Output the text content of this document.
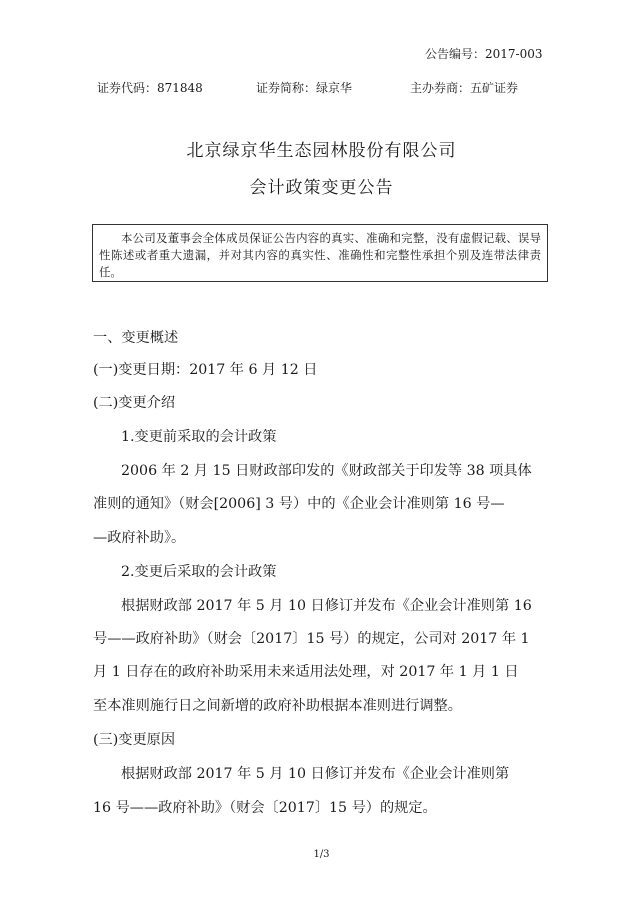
公告编号：2017-003
证券代码：871848	证券简称：绿京华	主办券商：五矿证券
北京绿京华生态园林股份有限公司
会计政策变更公告
本公司及董事会全体成员保证公告内容的真实、准确和完整，没有虚假记载、误导性陈述或者重大遗漏，并对其内容的真实性、准确性和完整性承担个别及连带法律责任。
一、变更概述
(一)变更日期：2017 年 6 月 12 日
(二)变更介绍
1.变更前采取的会计政策
2006 年 2 月 15 日财政部印发的《财政部关于印发等 38 项具体
准则的通知》（财会[2006] 3 号）中的《企业会计准则第 16 号—
—政府补助》。
2.变更后采取的会计政策
根据财政部 2017 年 5 月 10 日修订并发布《企业会计准则第 16
号——政府补助》（财会〔2017〕15 号）的规定，公司对 2017 年 1
月 1 日存在的政府补助采用未来适用法处理，对 2017 年 1 月 1 日
至本准则施行日之间新增的政府补助根据本准则进行调整。
(三)变更原因
根据财政部 2017 年 5 月 10 日修订并发布《企业会计准则第
16 号——政府补助》（财会〔2017〕15 号）的规定。
1/3
